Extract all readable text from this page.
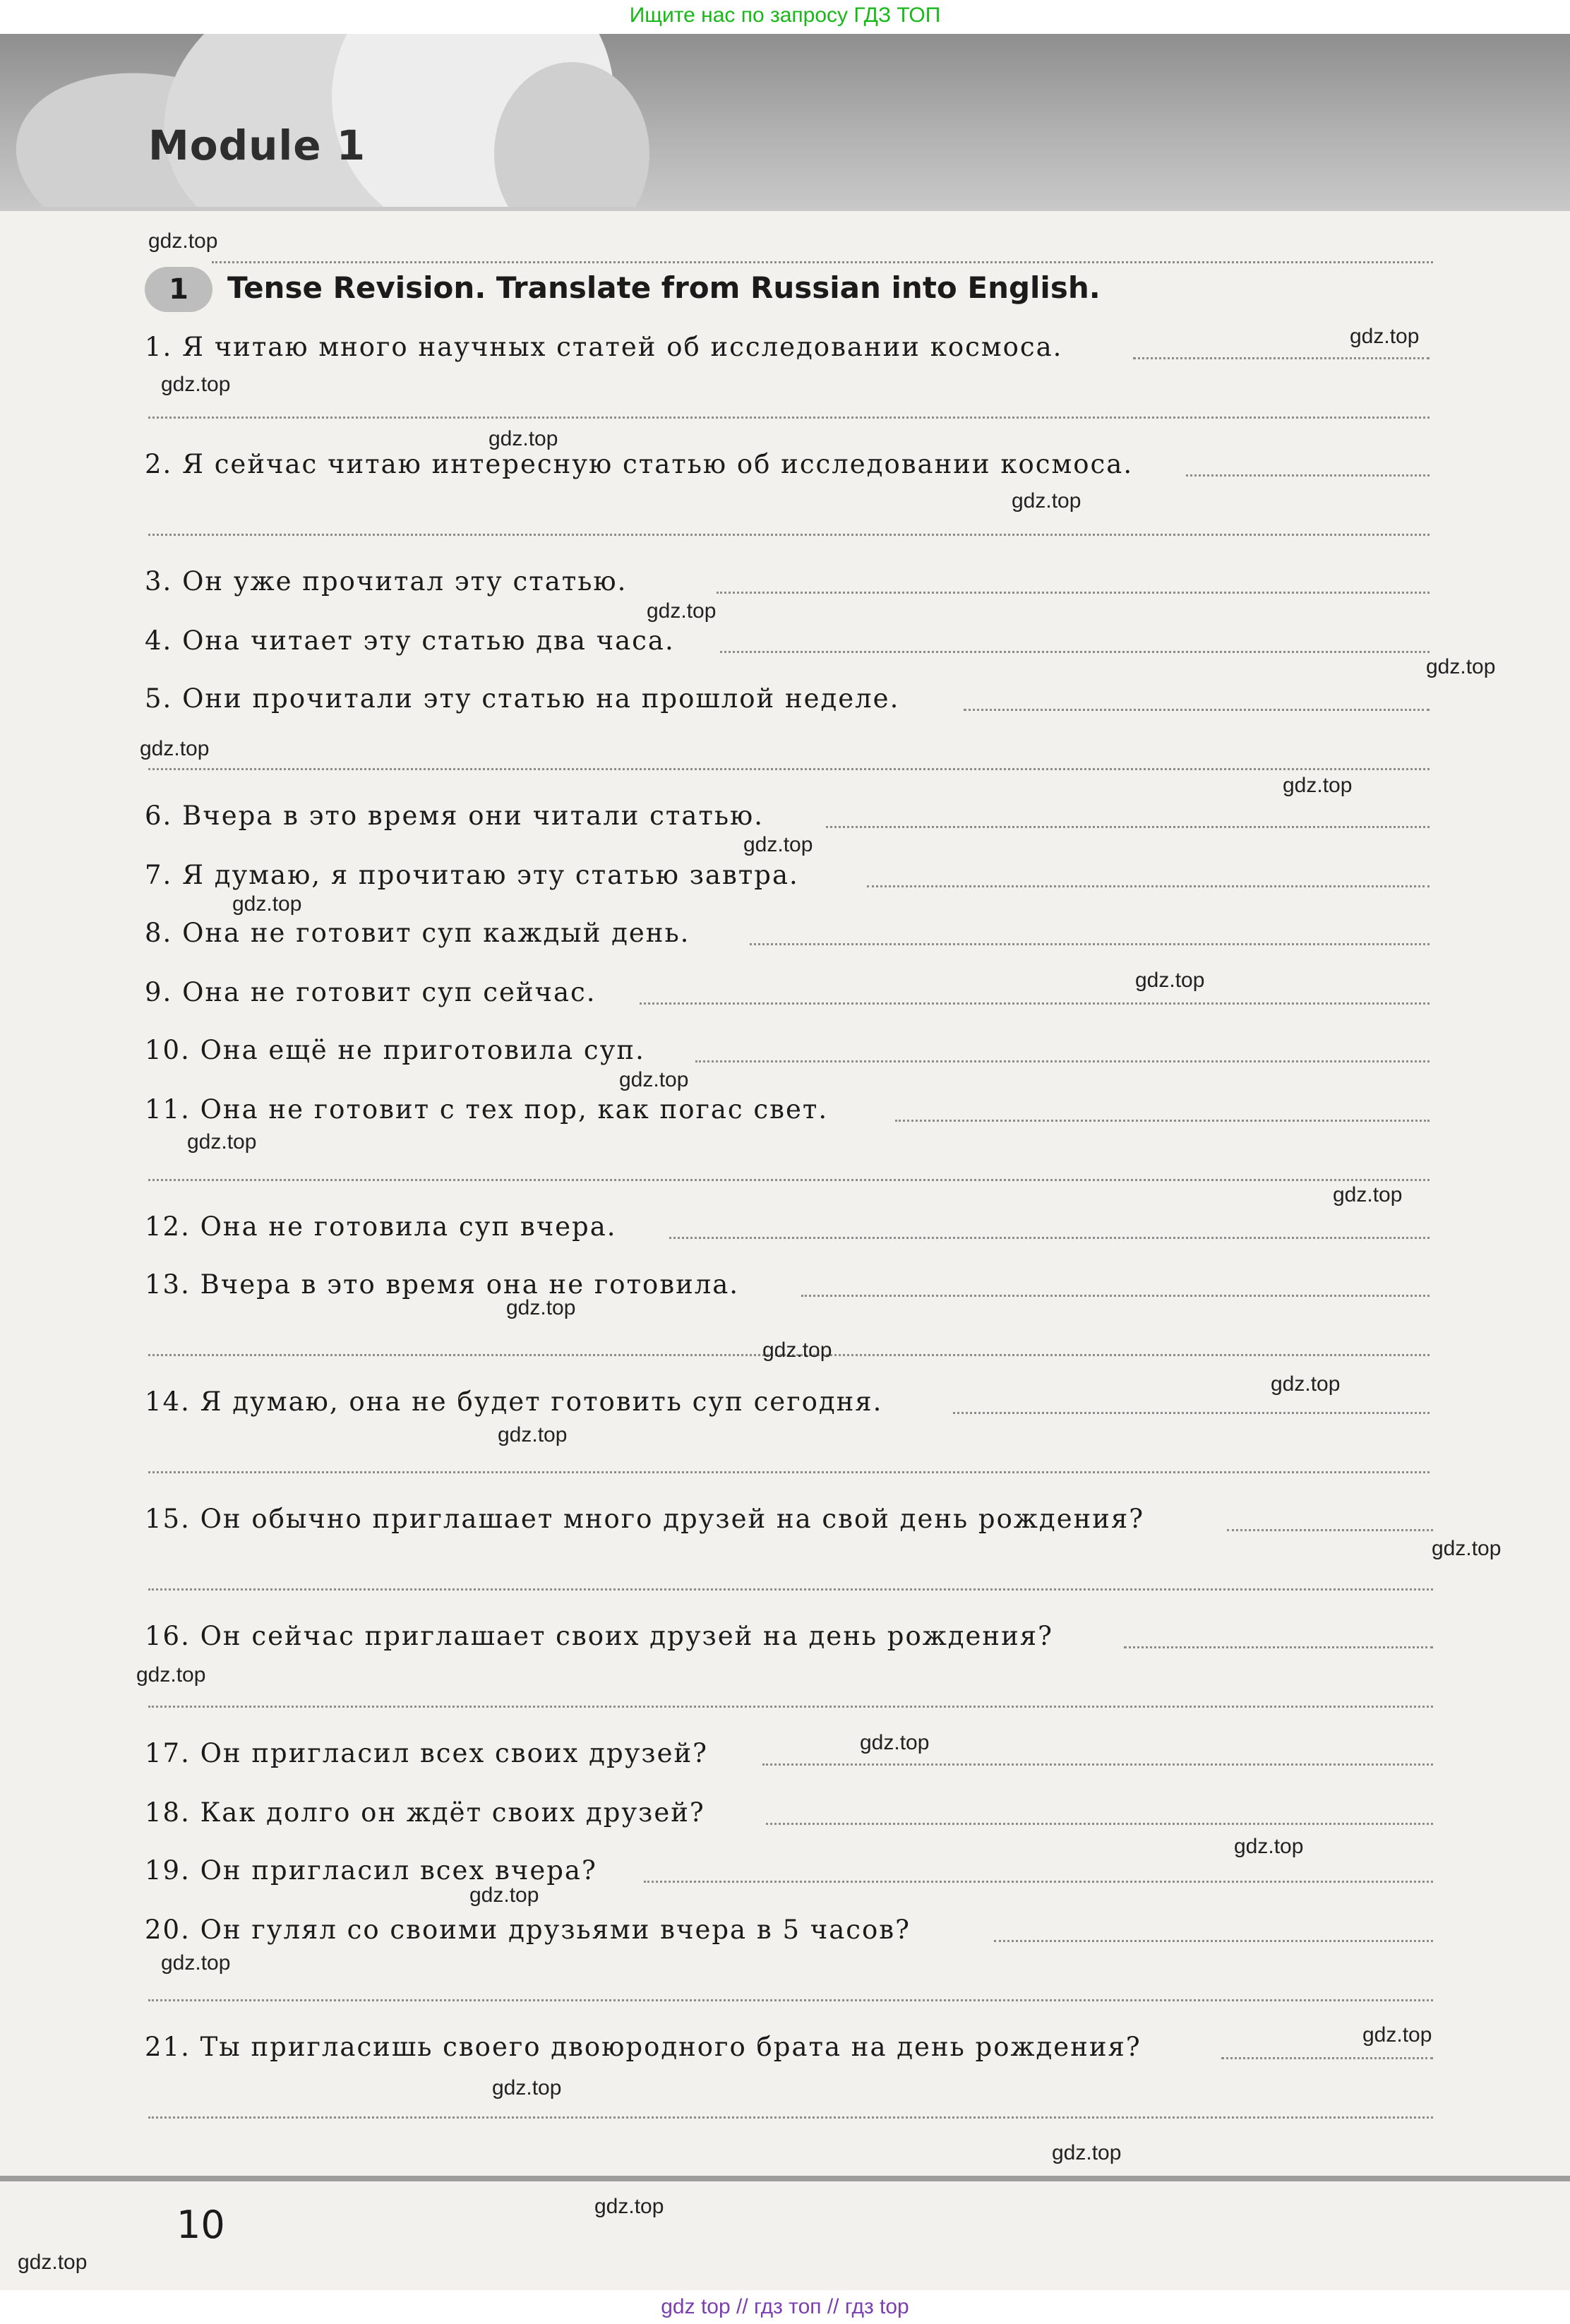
Ищите нас по запросу ГДЗ ТОП
Module 1
1	Tense Revision. Translate from Russian into English.
1. Я читаю много научных статей об исследовании космоса.
2. Я сейчас читаю интересную статью об исследовании космоса.
3. Он уже прочитал эту статью.
4. Она читает эту статью два часа.
5. Они прочитали эту статью на прошлой неделе.
6. Вчера в это время они читали статью.
7. Я думаю, я прочитаю эту статью завтра.
8. Она не готовит суп каждый день.
9. Она не готовит суп сейчас.
10. Она ещё не приготовила суп.
11. Она не готовит с тех пор, как погас свет.
12. Она не готовила суп вчера.
13. Вчера в это время она не готовила.
14. Я думаю, она не будет готовить суп сегодня.
15. Он обычно приглашает много друзей на свой день рождения?
16. Он сейчас приглашает своих друзей на день рождения?
17. Он пригласил всех своих друзей?
18. Как долго он ждёт своих друзей?
19. Он пригласил всех вчера?
20. Он гулял со своими друзьями вчера в 5 часов?
21. Ты пригласишь своего двоюродного брата на день рождения?
gdz.top
gdz.top
gdz.top
gdz.top
gdz.top
gdz.top
gdz.top
gdz.top
gdz.top
gdz.top
gdz.top
gdz.top
gdz.top
gdz.top
gdz.top
gdz.top
gdz.top
gdz.top
gdz.top
gdz.top
gdz.top
gdz.top
gdz.top
gdz.top
gdz.top
gdz.top
gdz.top
gdz.top
gdz.top
gdz.top
10
gdz top // гдз топ // гдз top
